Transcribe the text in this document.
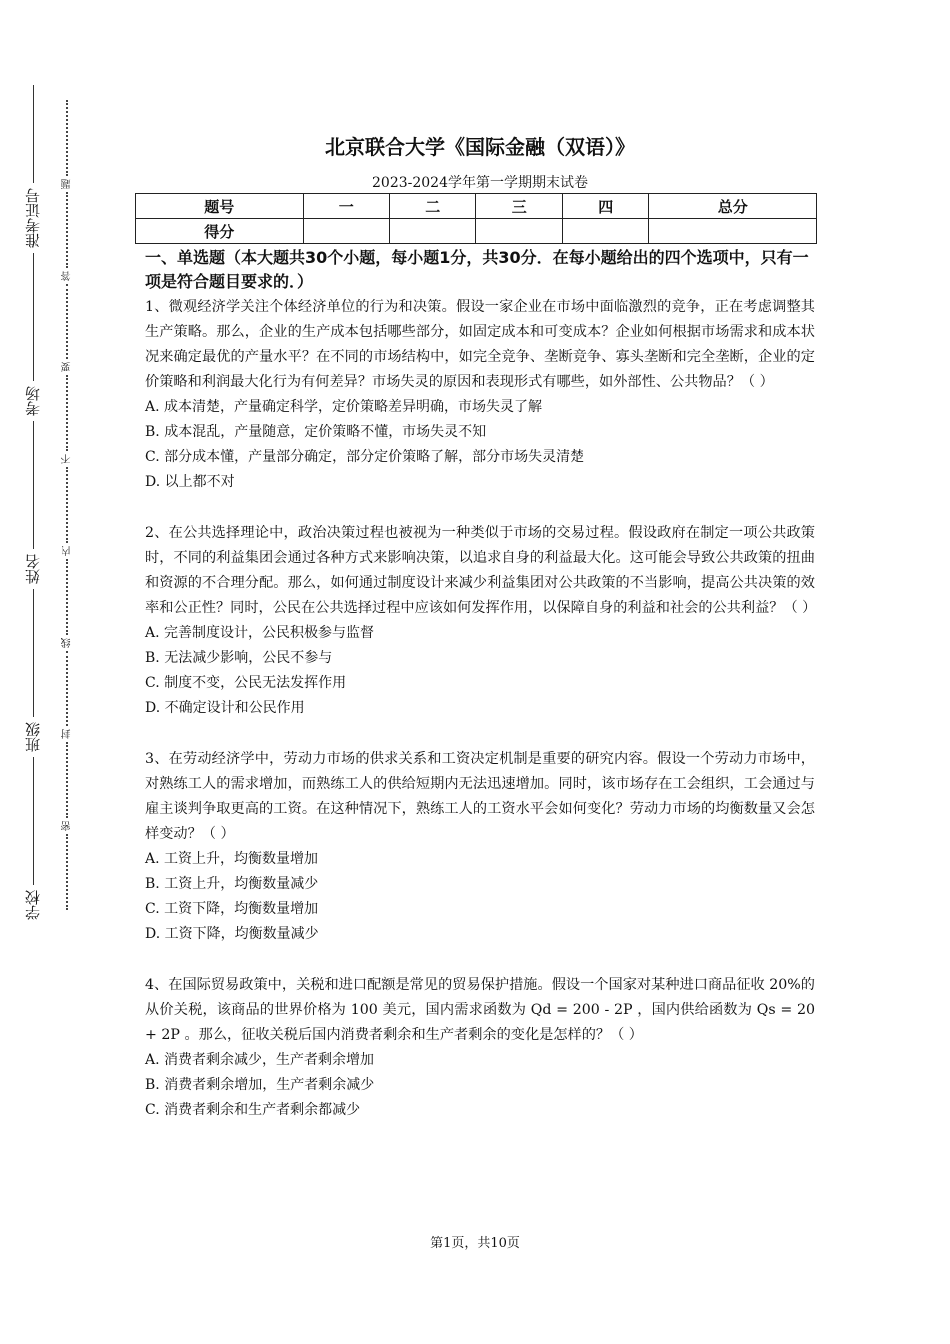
准考证号
考场
姓名
班级
学校
题
答
要
不
内
线
封
密
北京联合大学《国际金融（双语）》
2023-2024学年第一学期期末试卷
题号	一	二	三	四	总分
得分					

一、单选题（本大题共30个小题，每小题1分，共30分．在每小题给出的四个选项中，只有一项是符合题目要求的．）

1、微观经济学关注个体经济单位的行为和决策。假设一家企业在市场中面临激烈的竞争，正在考虑调整其生产策略。那么，企业的生产成本包括哪些部分，如固定成本和可变成本？企业如何根据市场需求和成本状况来确定最优的产量水平？在不同的市场结构中，如完全竞争、垄断竞争、寡头垄断和完全垄断，企业的定价策略和利润最大化行为有何差异？市场失灵的原因和表现形式有哪些，如外部性、公共物品？（ ）

A. 成本清楚，产量确定科学，定价策略差异明确，市场失灵了解
B. 成本混乱，产量随意，定价策略不懂，市场失灵不知
C. 部分成本懂，产量部分确定，部分定价策略了解，部分市场失灵清楚
D. 以上都不对

2、在公共选择理论中，政治决策过程也被视为一种类似于市场的交易过程。假设政府在制定一项公共政策时，不同的利益集团会通过各种方式来影响决策，以追求自身的利益最大化。这可能会导致公共政策的扭曲和资源的不合理分配。那么，如何通过制度设计来减少利益集团对公共政策的不当影响，提高公共决策的效率和公正性？同时，公民在公共选择过程中应该如何发挥作用，以保障自身的利益和社会的公共利益？（ ）

A. 完善制度设计，公民积极参与监督
B. 无法减少影响，公民不参与
C. 制度不变，公民无法发挥作用
D. 不确定设计和公民作用

3、在劳动经济学中，劳动力市场的供求关系和工资决定机制是重要的研究内容。假设一个劳动力市场中，对熟练工人的需求增加，而熟练工人的供给短期内无法迅速增加。同时，该市场存在工会组织，工会通过与雇主谈判争取更高的工资。在这种情况下，熟练工人的工资水平会如何变化？劳动力市场的均衡数量又会怎样变动？（ ）

A. 工资上升，均衡数量增加
B. 工资上升，均衡数量减少
C. 工资下降，均衡数量增加
D. 工资下降，均衡数量减少

4、在国际贸易政策中，关税和进口配额是常见的贸易保护措施。假设一个国家对某种进口商品征收 20%的从价关税，该商品的世界价格为 100 美元，国内需求函数为 Qd = 200 - 2P ，国内供给函数为 Qs = 20 + 2P 。那么，征收关税后国内消费者剩余和生产者剩余的变化是怎样的？（ ）

A. 消费者剩余减少，生产者剩余增加
B. 消费者剩余增加，生产者剩余减少
C. 消费者剩余和生产者剩余都减少
第1页，共10页
